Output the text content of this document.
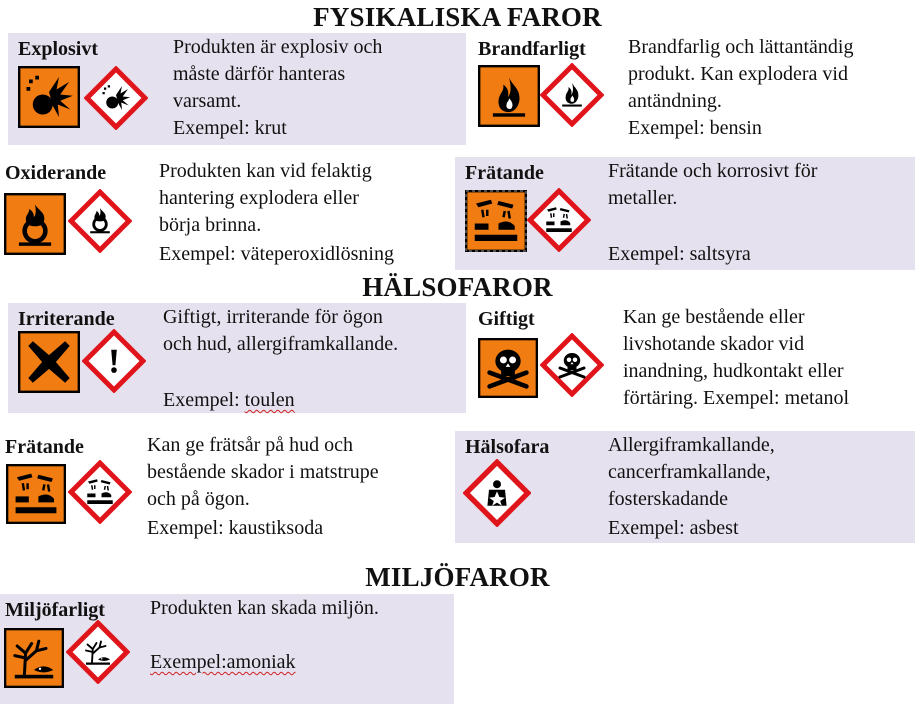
FYSIKALISKA FAROR
HÄLSOFAROR
MILJÖFAROR
Explosivt	Produkten är explosiv och
måste därför hanteras
varsamt.
Exempel: krut
Brandfarligt Brandfarlig och lättantändig
produkt. Kan explodera vid
antändning.
Exempel: bensin
Oxiderande	Produkten kan vid felaktig
hantering explodera eller
börja brinna.
Exempel: väteperoxidlösning
Frätande	Frätande och korrosivt för
metaller.
Exempel: saltsyra
Irriterande Giftigt, irriterande för ögon
och hud, allergiframkallande.
Exempel: toulen
Giftigt	Kan ge bestående eller
livshotande skador vid
inandning, hudkontakt eller
förtäring. Exempel: metanol
Frätande	Kan ge frätsår på hud och
bestående skador i matstrupe
och på ögon.
Exempel: kaustiksoda
Hälsofara	Allergiframkallande,
cancerframkallande,
fosterskadande
Exempel: asbest
Miljöfarligt Produkten kan skada miljön.
Exempel:amoniak
